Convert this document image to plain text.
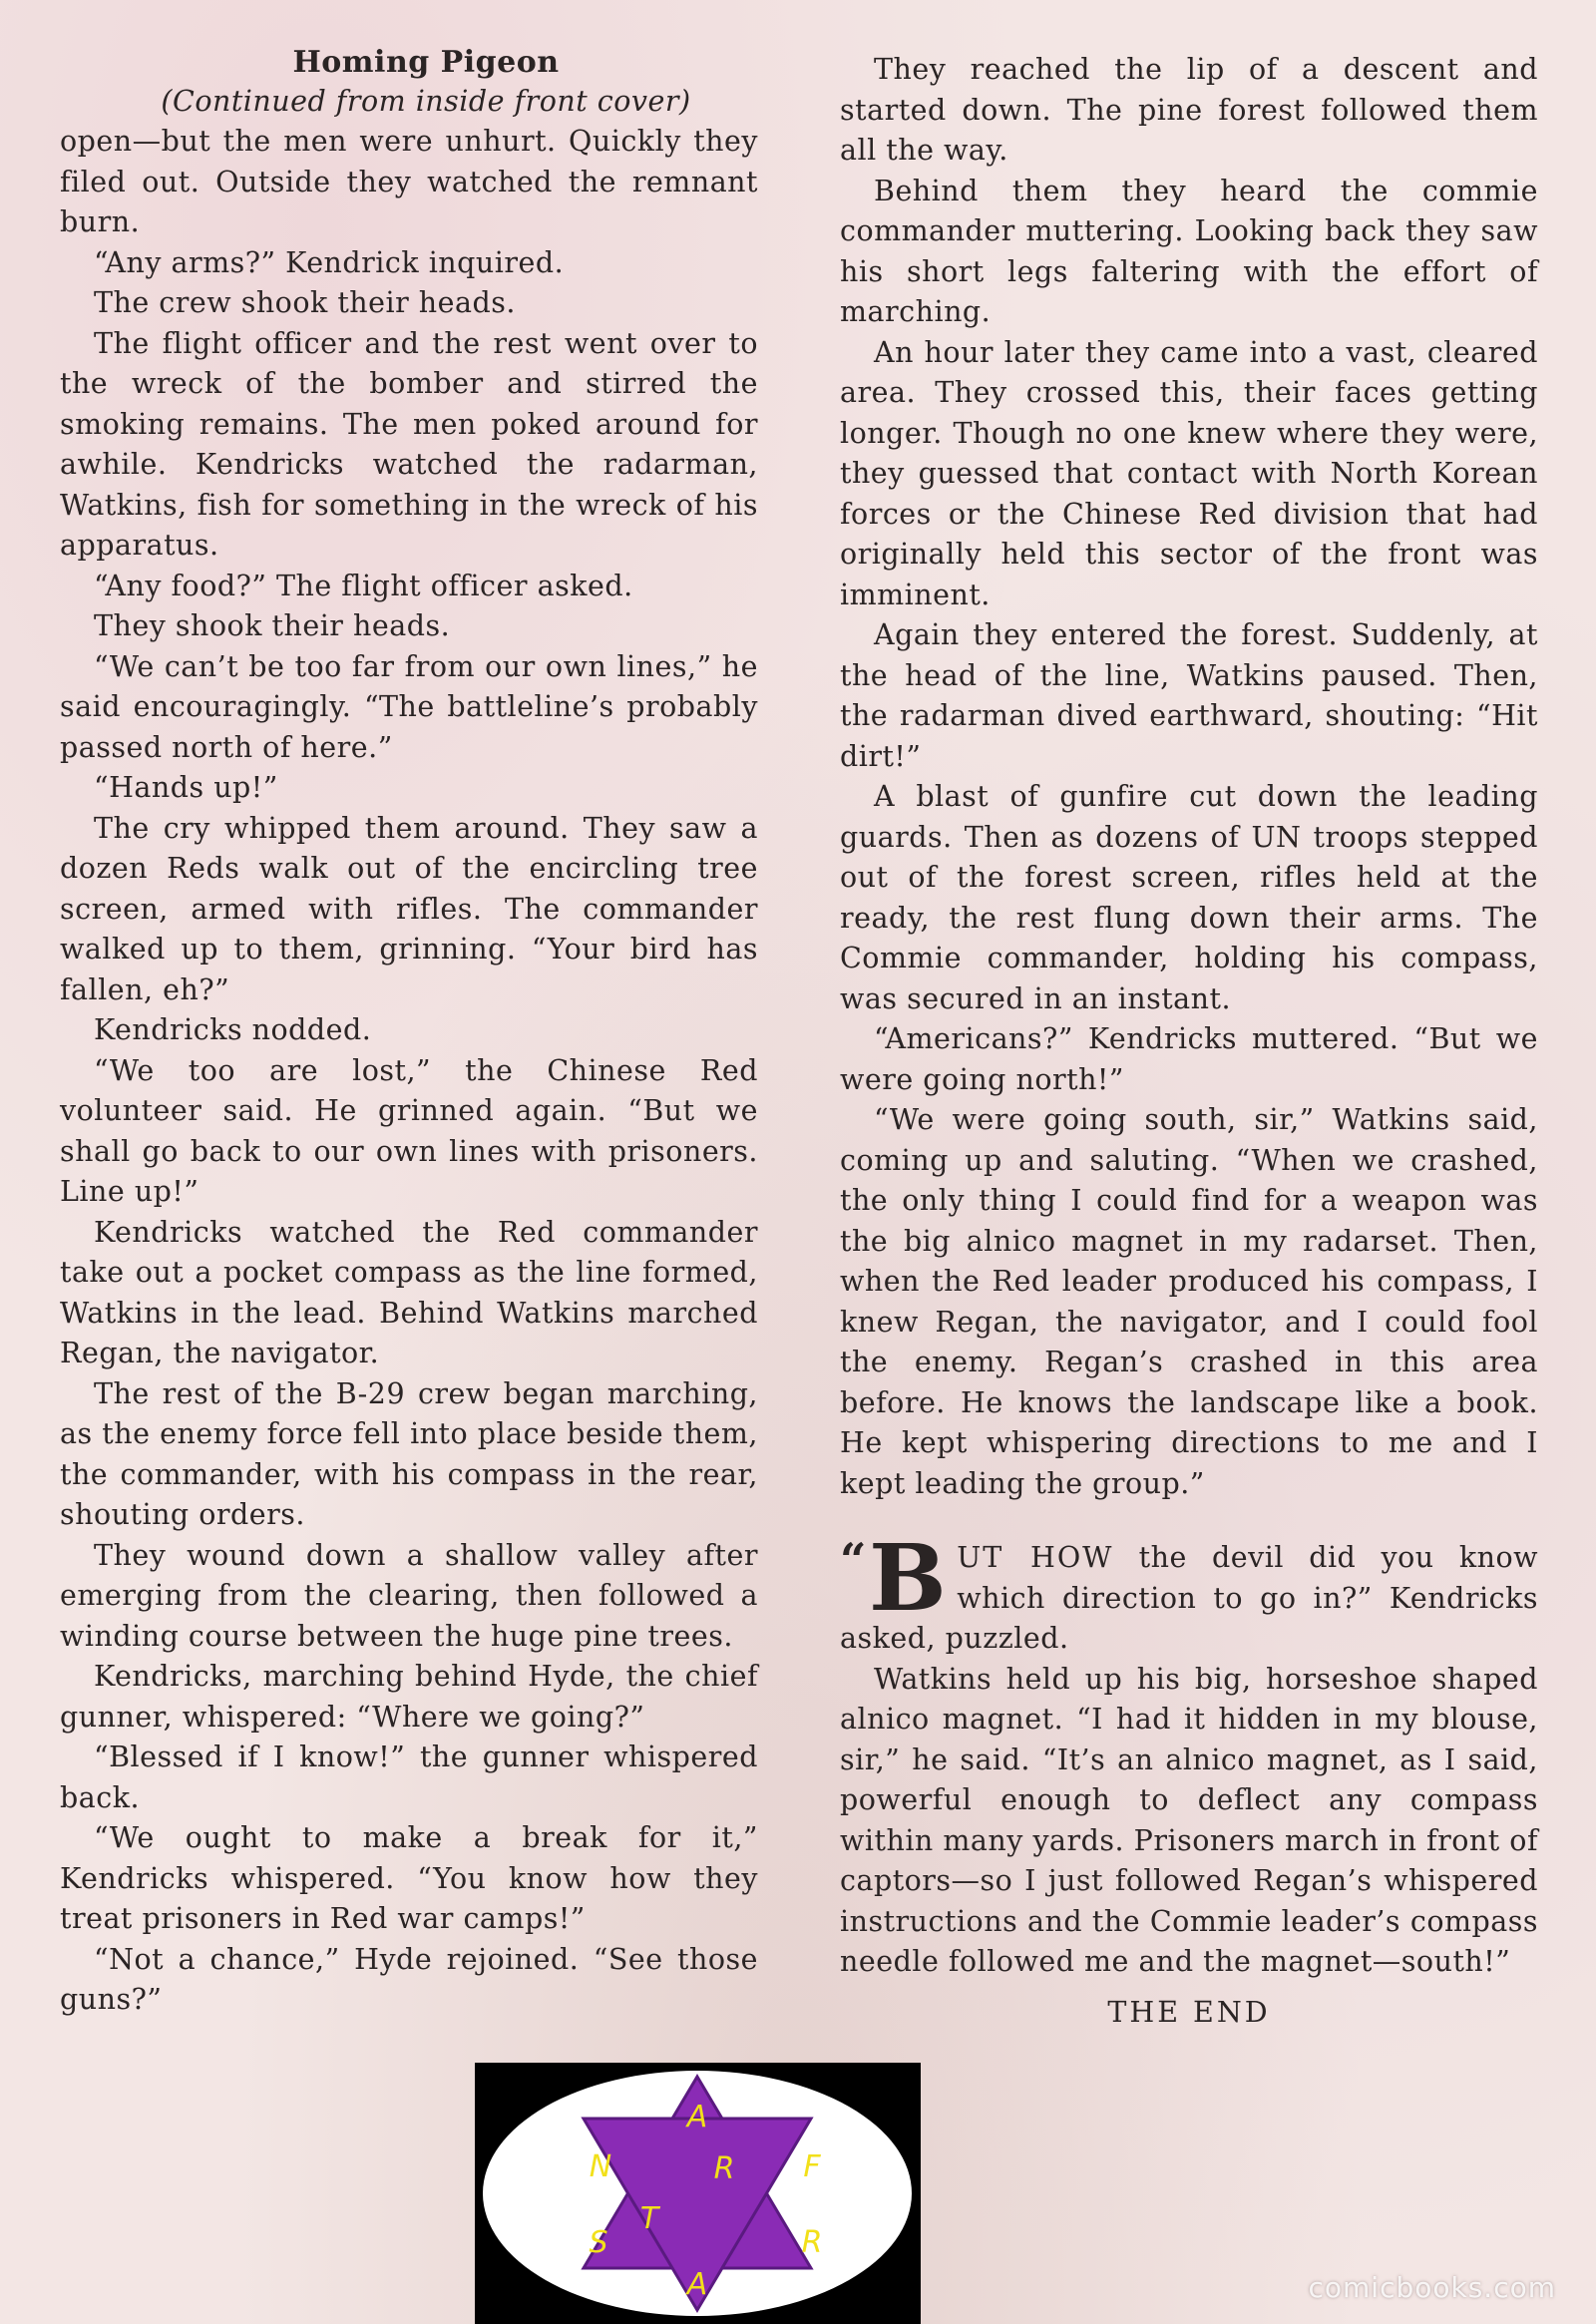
Homing Pigeon

(Continued from inside front cover)

open—but the men were unhurt. Quickly they filed out. Outside they watched the remnant burn.

“Any arms?” Kendrick inquired.

The crew shook their heads.

The flight officer and the rest went over to the wreck of the bomber and stirred the smoking remains. The men poked around for awhile. Kendricks watched the radarman, Watkins, fish for something in the wreck of his apparatus.

“Any food?” The flight officer asked.

They shook their heads.

“We can’t be too far from our own lines,” he said encouragingly. “The battleline’s probably passed north of here.”

“Hands up!”

The cry whipped them around. They saw a dozen Reds walk out of the encircling tree screen, armed with rifles. The commander walked up to them, grinning. “Your bird has fallen, eh?”

Kendricks nodded.

“We too are lost,” the Chinese Red volunteer said. He grinned again. “But we shall go back to our own lines with prisoners. Line up!”

Kendricks watched the Red commander take out a pocket compass as the line formed, Watkins in the lead. Behind Watkins marched Regan, the navigator.

The rest of the B-29 crew began marching, as the enemy force fell into place beside them, the commander, with his compass in the rear, shouting orders.

They wound down a shallow valley after emerging from the clearing, then followed a winding course between the huge pine trees.

Kendricks, marching behind Hyde, the chief gunner, whispered: “Where we going?”

“Blessed if I know!” the gunner whispered back.

“We ought to make a break for it,” Kendricks whispered. “You know how they treat prisoners in Red war camps!”

“Not a chance,” Hyde rejoined. “See those guns?”

They reached the lip of a descent and started down. The pine forest followed them all the way.

Behind them they heard the commie commander muttering. Looking back they saw his short legs faltering with the effort of marching.

An hour later they came into a vast, cleared area. They crossed this, their faces getting longer. Though no one knew where they were, they guessed that contact with North Korean forces or the Chinese Red division that had originally held this sector of the front was imminent.

Again they entered the forest. Suddenly, at the head of the line, Watkins paused. Then, the radarman dived earthward, shouting: “Hit dirt!”

A blast of gunfire cut down the leading guards. Then as dozens of UN troops stepped out of the forest screen, rifles held at the ready, the rest flung down their arms. The Commie commander, holding his compass, was secured in an instant.

“Americans?” Kendricks muttered. “But we were going north!”

“We were going south, sir,” Watkins said, coming up and saluting. “When we crashed, the only thing I could find for a weapon was the big alnico magnet in my radarset. Then, when the Red leader produced his compass, I knew Regan, the navigator, and I could fool the enemy. Regan’s crashed in this area before. He knows the landscape like a book. He kept whispering directions to me and I kept leading the group.”

“ B UT HOW the devil did you know which direction to go in?” Kendricks asked, puzzled.

Watkins held up his big, horseshoe shaped alnico magnet. “I had it hidden in my blouse, sir,” he said. “It’s an alnico magnet, as I said, powerful enough to deflect any compass within many yards. Prisoners march in front of captors—so I just followed Regan’s whispered instructions and the Commie leader’s compass needle followed me and the magnet—south!”

THE END

A
N	R F
S
T
R
A	comicbooks.com
